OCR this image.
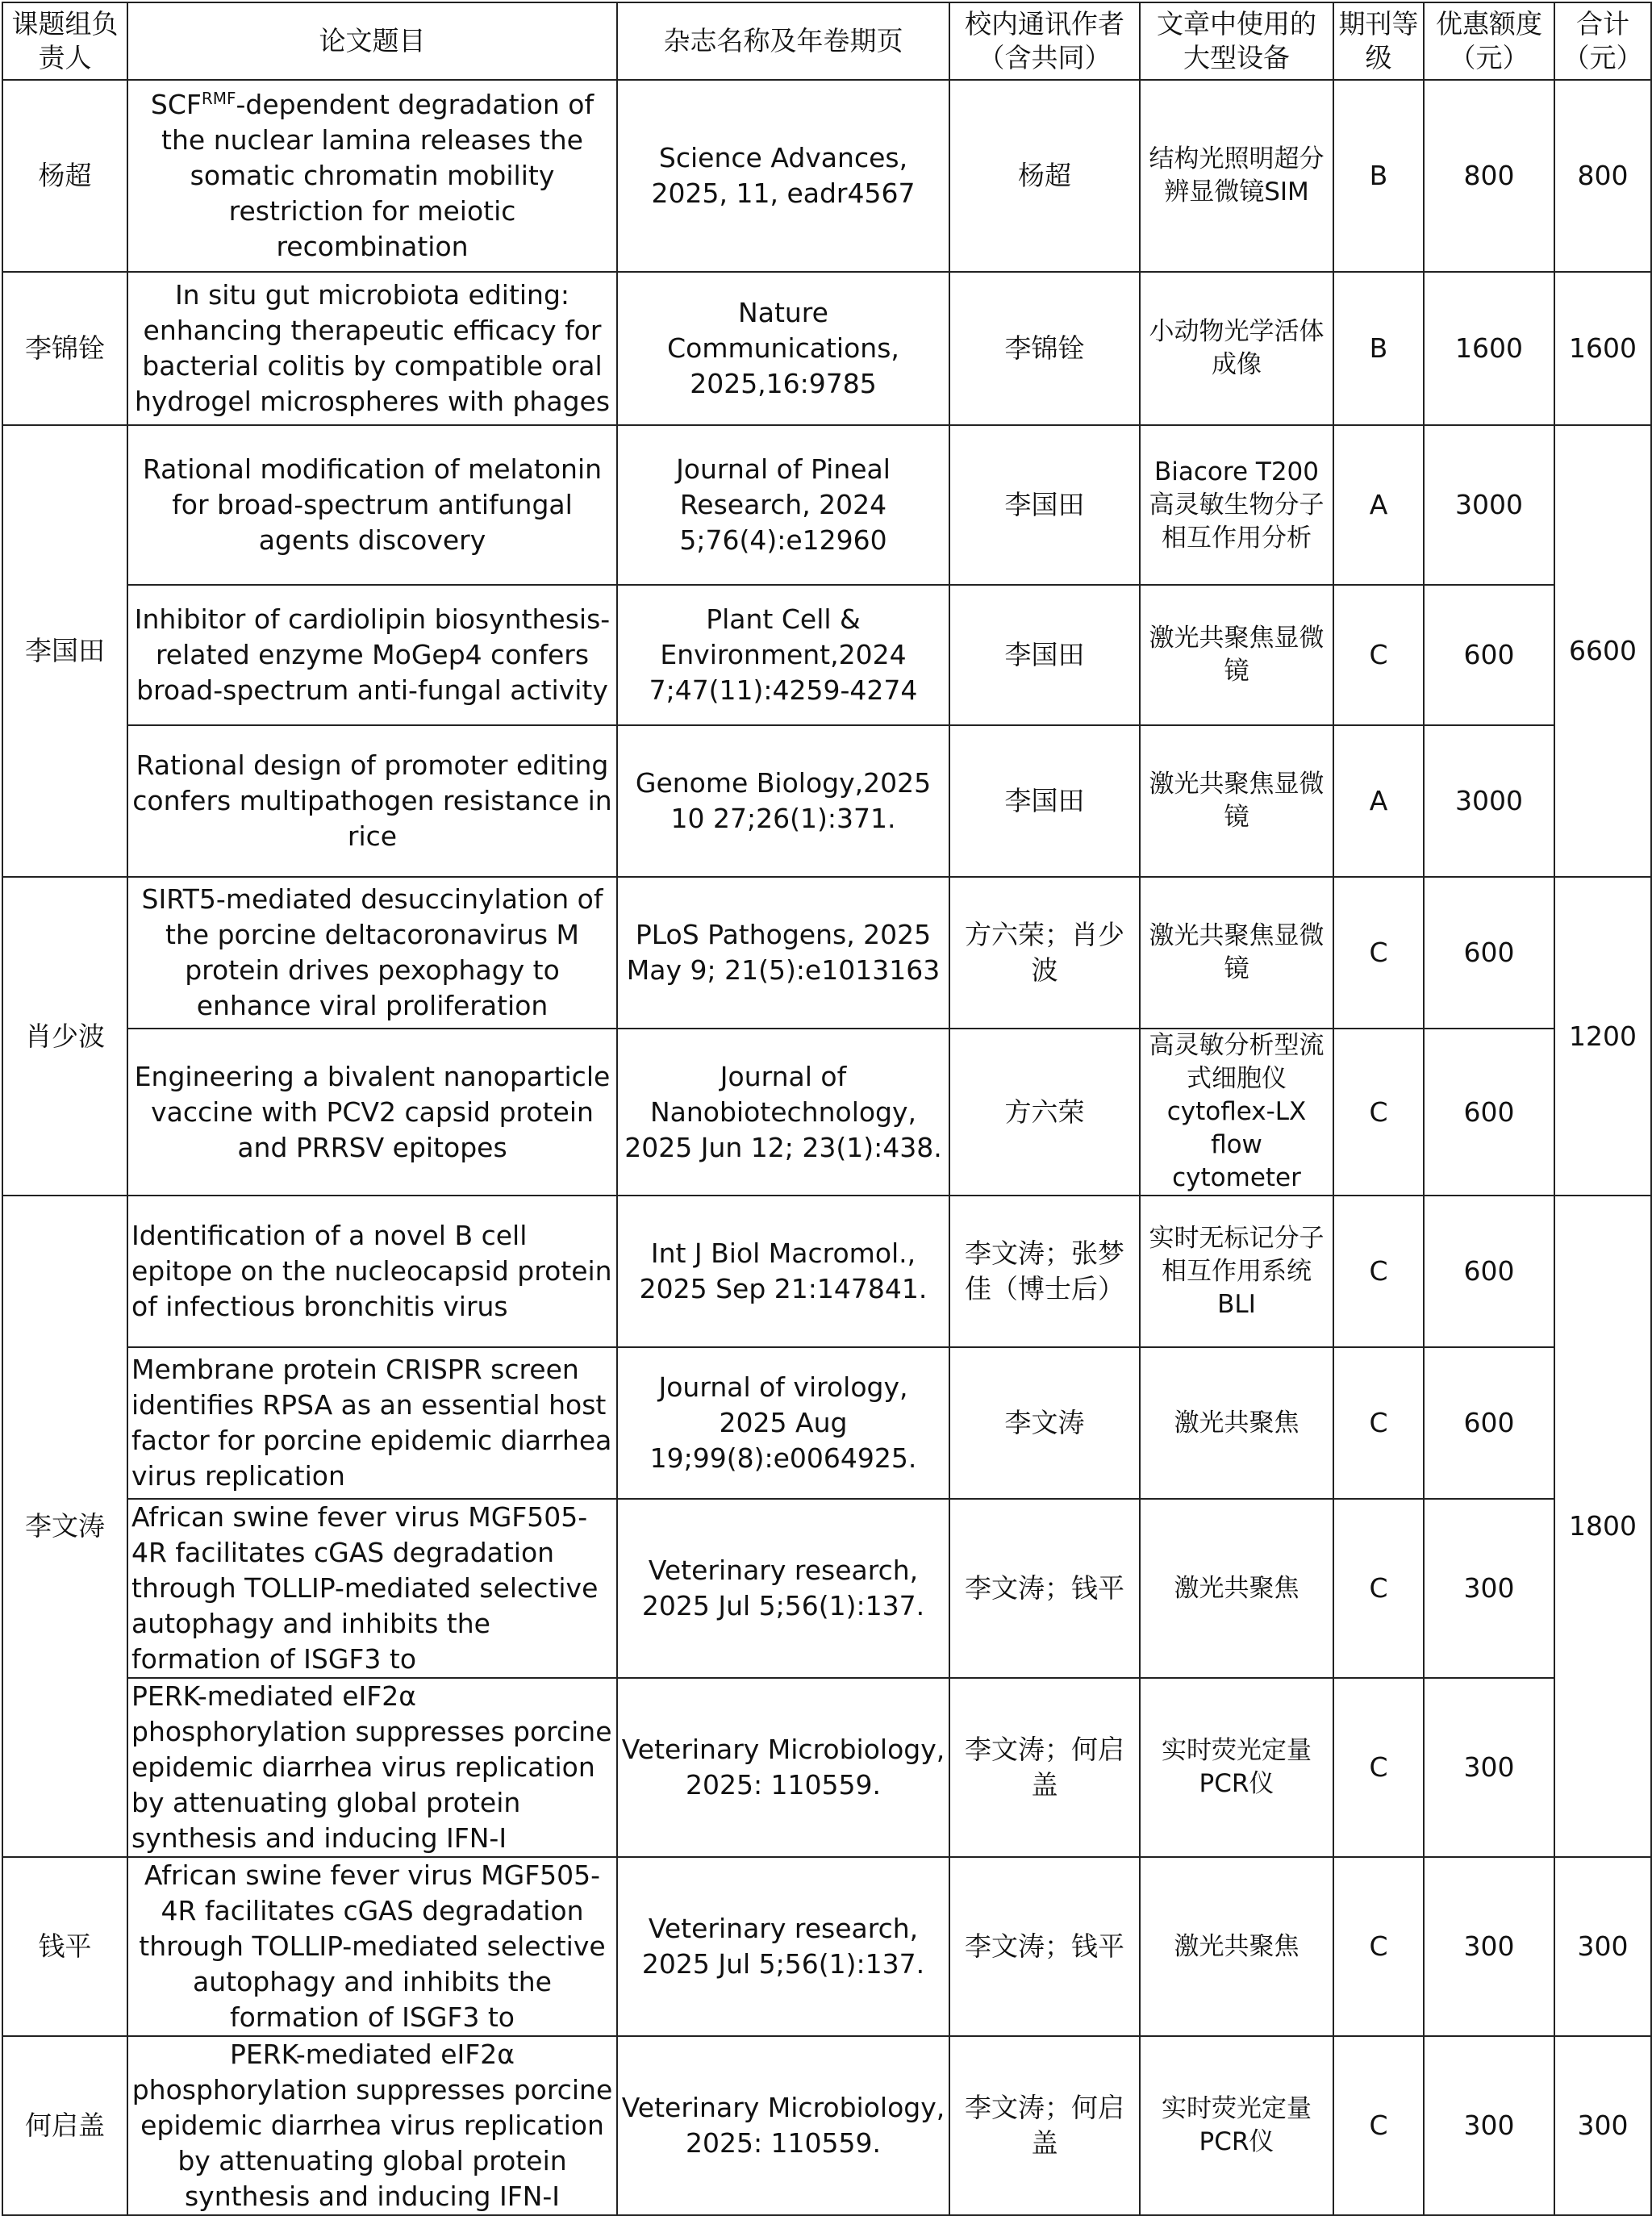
课题组负责人	论文题目	杂志名称及年卷期页	校内通讯作者（含共同）	文章中使用的大型设备	期刊等级	优惠额度（元）	合计（元）
杨超	$SCF^{RMF}$-dependent degradation of the nuclear lamina releases the somatic chromatin mobility restriction for meiotic recombination	Science Advances, 2025, 11, eadr4567	杨超	结构光照明超分辨显微镜SIM	B	800	800
李锦铨	In situ gut microbiota editing: enhancing therapeutic efficacy for bacterial colitis by compatible oral hydrogel microspheres with phages	Nature Communications, 2025,16:9785	李锦铨	小动物光学活体成像	B	1600	1600
李国田	Rational modification of melatonin for broad-spectrum antifungal agents discovery	Journal of Pineal Research, 2024 5;76(4):e12960	李国田	Biacore T200 高灵敏生物分子相互作用分析	A	3000	6600
	Inhibitor of cardiolipin biosynthesis-related enzyme MoGep4 confers broad-spectrum anti-fungal activity	Plant Cell & Environment,2024 7;47(11):4259-4274	李国田	激光共聚焦显微镜	C	600	
	Rational design of promoter editing confers multipathogen resistance in rice	Genome Biology,2025 10 27;26(1):371.	李国田	激光共聚焦显微镜	A	3000	
肖少波	SIRT5-mediated desuccinylation of the porcine deltacoronavirus M protein drives pexophagy to enhance viral proliferation	PLoS Pathogens, 2025 May 9; 21(5):e1013163	方六荣；肖少波	激光共聚焦显微镜	C	600	1200
	Engineering a bivalent nanoparticle vaccine with PCV2 capsid protein and PRRSV epitopes	Journal of Nanobiotechnology, 2025 Jun 12; 23(1):438.	方六荣	高灵敏分析型流式细胞仪cytoflex-LX flow cytometer	C	600	
李文涛	Identification of a novel B cell epitope on the nucleocapsid protein of infectious bronchitis virus	Int J Biol Macromol., 2025 Sep 21:147841.	李文涛；张梦佳（博士后）	实时无标记分子相互作用系统BLI	C	600	1800
	Membrane protein CRISPR screen identifies RPSA as an essential host factor for porcine epidemic diarrhea virus replication	Journal of virology, 2025 Aug 19;99(8):e0064925.	李文涛	激光共聚焦	C	600	
	African swine fever virus MGF505-4R facilitates cGAS degradation through TOLLIP-mediated selective autophagy and inhibits the formation of ISGF3 to	Veterinary research, 2025 Jul 5;56(1):137.	李文涛；钱平	激光共聚焦	C	300	
	PERK-mediated eIF2α phosphorylation suppresses porcine epidemic diarrhea virus replication by attenuating global protein synthesis and inducing IFN-I	Veterinary Microbiology, 2025: 110559.	李文涛；何启盖	实时荧光定量PCR仪	C	300	
钱平	African swine fever virus MGF505-4R facilitates cGAS degradation through TOLLIP-mediated selective autophagy and inhibits the formation of ISGF3 to	Veterinary research, 2025 Jul 5;56(1):137.	李文涛；钱平	激光共聚焦	C	300	300
何启盖	PERK-mediated eIF2α phosphorylation suppresses porcine epidemic diarrhea virus replication by attenuating global protein synthesis and inducing IFN-I	Veterinary Microbiology, 2025: 110559.	李文涛；何启盖	实时荧光定量PCR仪	C	300	300
